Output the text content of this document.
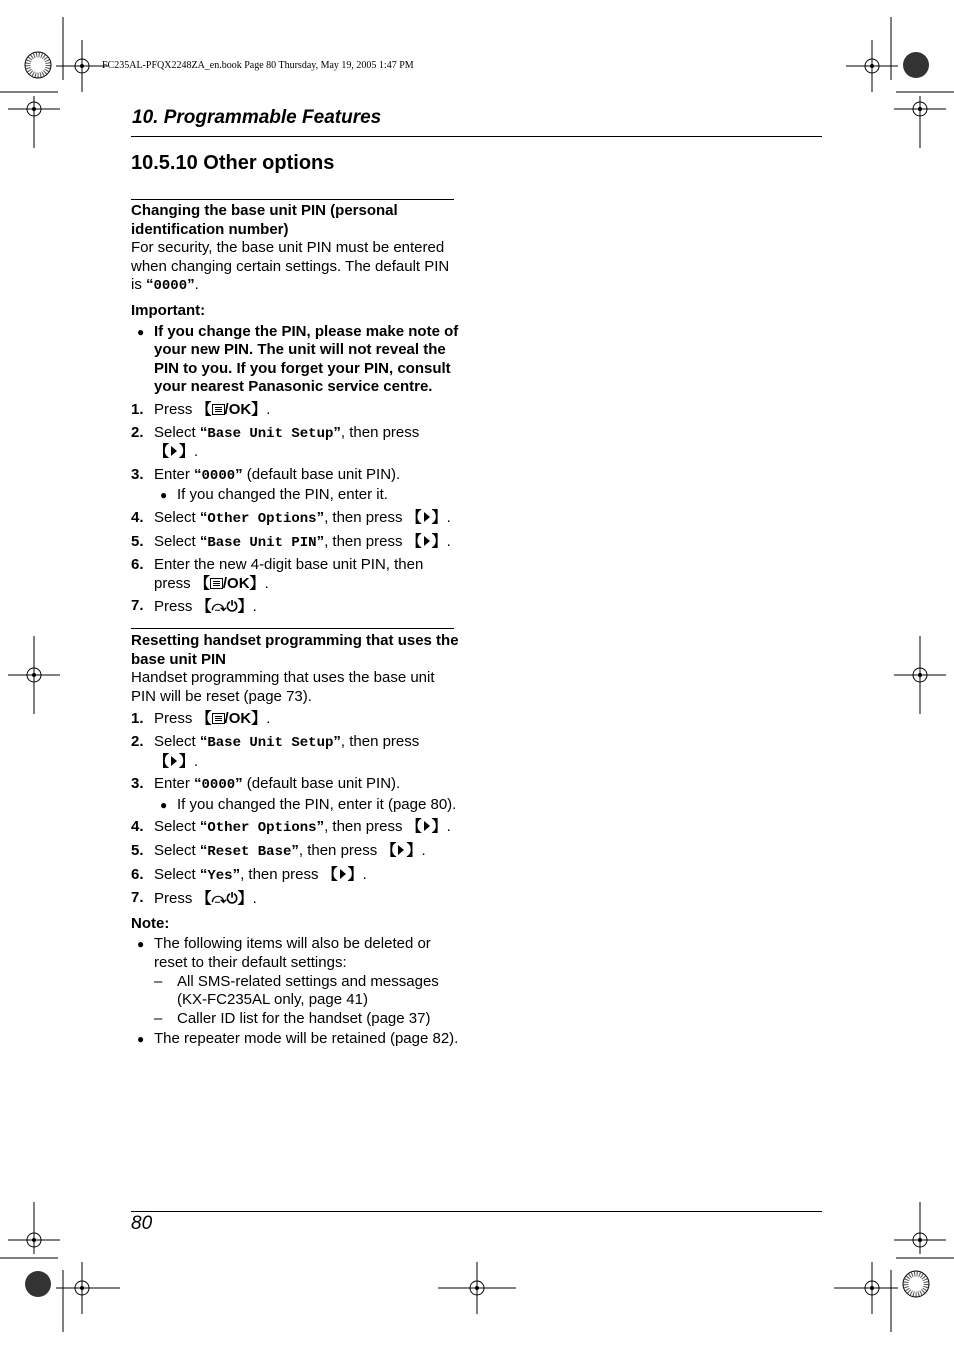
FC235AL-PFQX2248ZA_en.book Page 80 Thursday, May 19, 2005 1:47 PM
10. Programmable Features
10.5.10 Other options
Changing the base unit PIN (personal identification number)

For security, the base unit PIN must be entered when changing certain settings. The default PIN is “0000”.

Important:
● If you change the PIN, please make note of your new PIN. The unit will not reveal the PIN to you. If you forget your PIN, consult your nearest Panasonic service centre.
1. Press 【 /OK】.
2. Select “Base Unit Setup”, then press 【 】.
3. Enter “0000” (default base unit PIN).
● If you changed the PIN, enter it.
4. Select “Other Options”, then press 【 】.
5. Select “Base Unit PIN”, then press 【 】.
6. Enter the new 4-digit base unit PIN, then press 【 /OK】.
7. Press 【⤼⏻】.
Resetting handset programming that uses the base unit PIN

Handset programming that uses the base unit PIN will be reset (page 73).

1. Press 【 /OK】.
2. Select “Base Unit Setup”, then press 【 】.
3. Enter “0000” (default base unit PIN).
● If you changed the PIN, enter it (page 80).
4. Select “Other Options”, then press 【 】.
5. Select “Reset Base”, then press 【 】.
6. Select “Yes”, then press 【 】.
7. Press 【⤼⏻】.
Note:
● The following items will also be deleted or reset to their default settings:
– All SMS-related settings and messages (KX-FC235AL only, page 41)
– Caller ID list for the handset (page 37)
● The repeater mode will be retained (page 82).
80
